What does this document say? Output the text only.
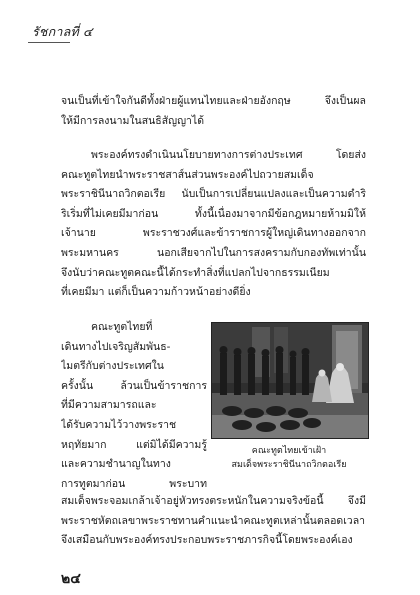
รัชกาลที่ ๔
จนเป็นที่เข้าใจกันดีทั้งฝ่ายผู้แทนไทยและฝ่ายอังกฤษ จึงเป็นผล
ให้มีการลงนามในสนธิสัญญาได้
พระองค์ทรงดำเนินนโยบายทางการต่างประเทศ โดยส่ง
คณะทูตไทยนำพระราชสาส์นส่วนพระองค์ไปถวายสมเด็จ
พระราชินีนาถวิกตอเรีย นับเป็นการเปลี่ยนแปลงและเป็นความดำริ
ริเริ่มที่ไม่เคยมีมาก่อน ทั้งนี้เนื่องมาจากมีข้อกฎหมายห้ามมิให้
เจ้านาย พระราชวงศ์และข้าราชการผู้ใหญ่เดินทางออกจาก
พระมหานคร นอกเสียจากไปในการสงครามกับกองทัพเท่านั้น
จึงนับว่าคณะทูตคณะนี้ได้กระทำสิ่งที่แปลกไปจากธรรมเนียม
ที่เคยมีมา แต่ก็เป็นความก้าวหน้าอย่างดียิ่ง
คณะทูตไทยที่
เดินทางไปเจริญสัมพันธ-
ไมตรีกับต่างประเทศใน
ครั้งนั้น ล้วนเป็นข้าราชการ
ที่มีความสามารถและ
ได้รับความไว้วางพระราช
หฤทัยมาก แต่มิได้มีความรู้
และความชำนาญในทาง
การทูตมาก่อน พระบาท
คณะทูตไทยเข้าเฝ้า
สมเด็จพระราชินีนาถวิกตอเรีย
สมเด็จพระจอมเกล้าเจ้าอยู่หัวทรงตระหนักในความจริงข้อนี้ จึงมี
พระราชหัตถเลขาพระราชทานคำแนะนำคณะทูตเหล่านั้นตลอดเวลา
จึงเสมือนกับพระองค์ทรงประกอบพระราชภารกิจนี้โดยพระองค์เอง
๒๔
